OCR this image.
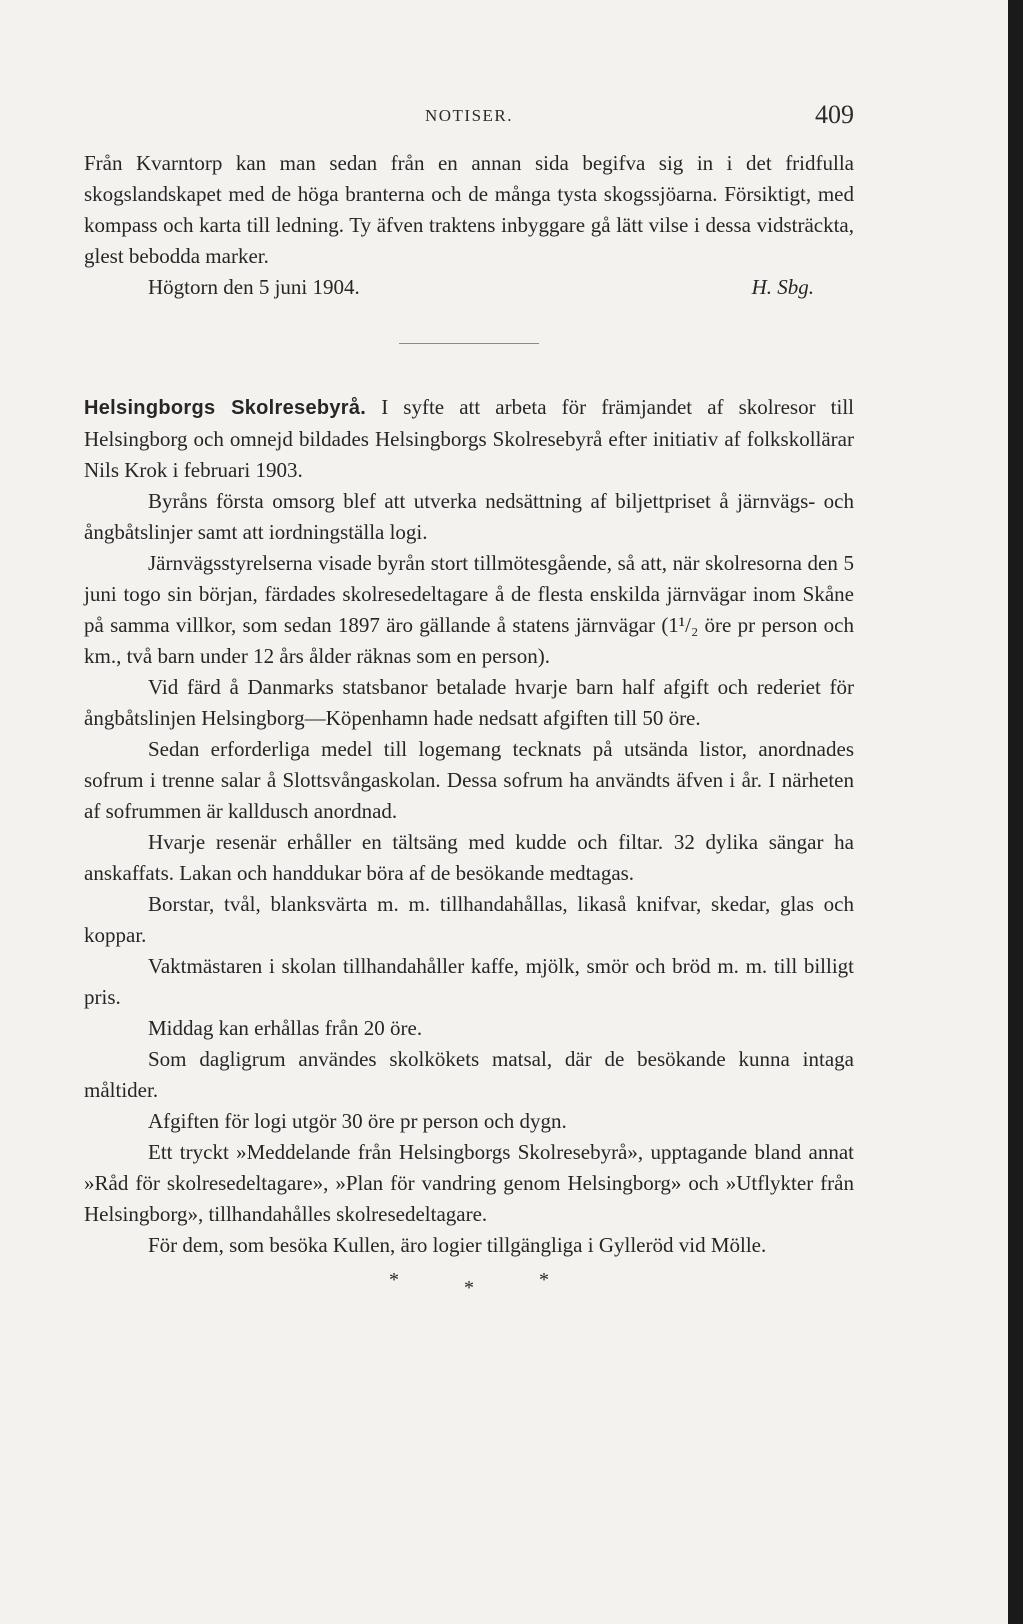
NOTISER.	409

Från Kvarntorp kan man sedan från en annan sida begifva sig in i det fridfulla skogslandskapet med de höga branterna och de många tysta skogssjöarna. Försiktigt, med kompass och karta till ledning. Ty äfven traktens inbyggare gå lätt vilse i dessa vidsträckta, glest bebodda marker.

Högtorn den 5 juni 1904.	H. Sbg.

Helsingborgs Skolresebyrå. I syfte att arbeta för främjandet af skolresor till Helsingborg och omnejd bildades Helsingborgs Skolresebyrå efter initiativ af folkskollärar Nils Krok i februari 1903.

Byråns första omsorg blef att utverka nedsättning af biljettpriset å järnvägs- och ångbåtslinjer samt att iordningställa logi.

Järnvägsstyrelserna visade byrån stort tillmötesgående, så att, när skolresorna den 5 juni togo sin början, färdades skolresedeltagare å de flesta enskilda järnvägar inom Skåne på samma villkor, som sedan 1897 äro gällande å statens järnvägar (1¹/₂ öre pr person och km., två barn under 12 års ålder räknas som en person).

Vid färd å Danmarks statsbanor betalade hvarje barn half afgift och rederiet för ångbåtslinjen Helsingborg—Köpenhamn hade nedsatt afgiften till 50 öre.

Sedan erforderliga medel till logemang tecknats på utsända listor, anordnades sofrum i trenne salar å Slottsvångaskolan. Dessa sofrum ha användts äfven i år. I närheten af sofrummen är kalldusch anordnad.

Hvarje resenär erhåller en tältsäng med kudde och filtar. 32 dylika sängar ha anskaffats. Lakan och handdukar böra af de besökande medtagas.

Borstar, tvål, blanksvärta m. m. tillhandahållas, likaså knifvar, skedar, glas och koppar.

Vaktmästaren i skolan tillhandahåller kaffe, mjölk, smör och bröd m. m. till billigt pris.

Middag kan erhållas från 20 öre.

Som dagligrum användes skolkökets matsal, där de besökande kunna intaga måltider.

Afgiften för logi utgör 30 öre pr person och dygn.

Ett tryckt »Meddelande från Helsingborgs Skolresebyrå», upptagande bland annat »Råd för skolresedeltagare», »Plan för vandring genom Helsingborg» och »Utflykter från Helsingborg», tillhandahålles skolresedeltagare.

För dem, som besöka Kullen, äro logier tillgängliga i Gylleröd vid Mölle.

*	*	*
